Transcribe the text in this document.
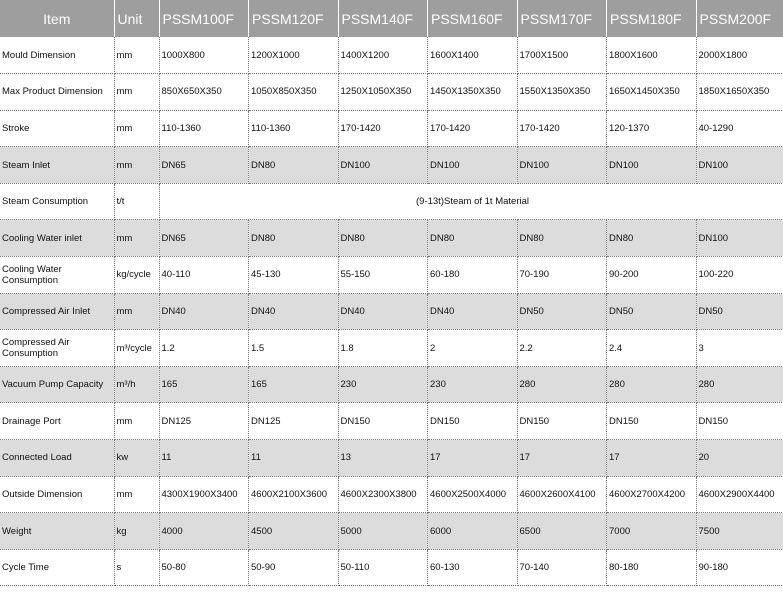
Item	Unit	PSSM100F	PSSM120F	PSSM140F	PSSM160F	PSSM170F	PSSM180F	PSSM200F
Mould Dimension	mm	1000X800	1200X1000	1400X1200	1600X1400	1700X1500	1800X1600	2000X1800
Max Product Dimension	mm	850X650X350	1050X850X350	1250X1050X350	1450X1350X350	1550X1350X350	1650X1450X350	1850X1650X350
Stroke	mm	110-1360	110-1360	170-1420	170-1420	170-1420	120-1370	40-1290
Steam Inlet	mm	DN65	DN80	DN100	DN100	DN100	DN100	DN100
Steam Consumption	t/t	(9-13t)Steam of 1t Material						
Cooling Water inlet	mm	DN65	DN80	DN80	DN80	DN80	DN80	DN100
Cooling Water Consumption	kg/cycle	40-110	45-130	55-150	60-180	70-190	90-200	100-220
Compressed Air Inlet	mm	DN40	DN40	DN40	DN40	DN50	DN50	DN50
Compressed Air Consumption	m³/cycle	1.2	1.5	1.8	2	2.2	2.4	3
Vacuum Pump Capacity	m³/h	165	165	230	230	280	280	280
Drainage Port	mm	DN125	DN125	DN150	DN150	DN150	DN150	DN150
Connected Load	kw	11	11	13	17	17	17	20
Outside Dimension	mm	4300X1900X3400	4600X2100X3600	4600X2300X3800	4600X2500X4000	4600X2600X4100	4600X2700X4200	4600X2900X4400
Weight	kg	4000	4500	5000	6000	6500	7000	7500
Cycle Time	s	50-80	50-90	50-110	60-130	70-140	80-180	90-180
